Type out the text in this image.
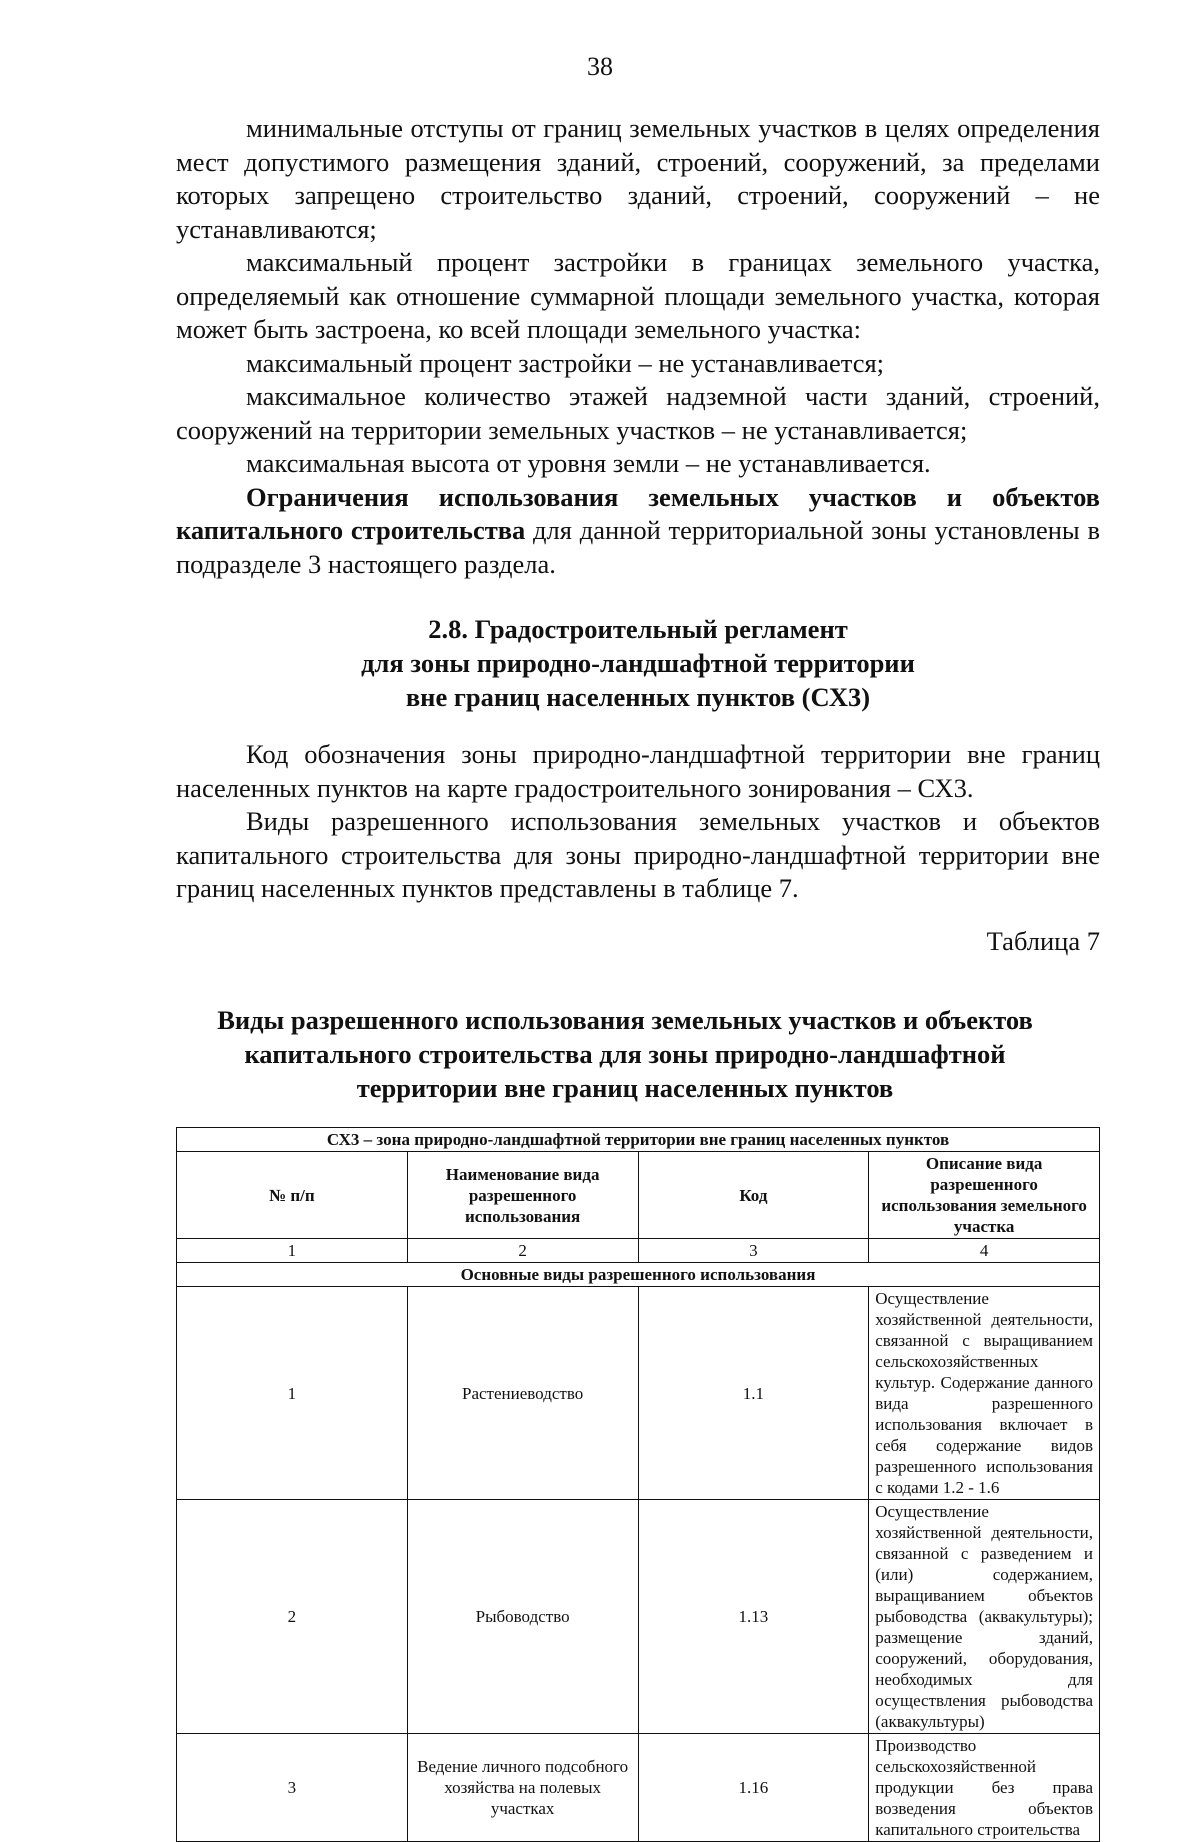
38

минимальные отступы от границ земельных участков в целях определения мест допустимого размещения зданий, строений, сооружений, за пределами которых запрещено строительство зданий, строений, сооружений – не устанавливаются;

максимальный процент застройки в границах земельного участка, определяемый как отношение суммарной площади земельного участка, которая может быть застроена, ко всей площади земельного участка:

максимальный процент застройки – не устанавливается;

максимальное количество этажей надземной части зданий, строений, сооружений на территории земельных участков – не устанавливается;

максимальная высота от уровня земли – не устанавливается.

Ограничения использования земельных участков и объектов капитального строительства для данной территориальной зоны установлены в подразделе 3 настоящего раздела.

2.8. Градостроительный регламент
для зоны природно-ландшафтной территории
вне границ населенных пунктов (СХ3)

Код обозначения зоны природно-ландшафтной территории вне границ населенных пунктов на карте градостроительного зонирования – СХ3.

Виды разрешенного использования земельных участков и объектов капитального строительства для зоны природно-ландшафтной территории вне границ населенных пунктов представлены в таблице 7.

Таблица 7
Виды разрешенного использования земельных участков и объектов
капитального строительства для зоны природно-ландшафтной
территории вне границ населенных пунктов
СХ3 – зона природно-ландшафтной территории вне границ населенных пунктов			
№ п/п	Наименование вида разрешенного использования	Код	Описание вида разрешенного использования земельного участка
1	2	3	4
Основные виды разрешенного использования			
1	Растениеводство	1.1	Осуществление хозяйственной деятельности, связанной с выращиванием сельскохозяйственных культур. Содержание данного вида разрешенного использования включает в себя содержание видов разрешенного использования с кодами 1.2 - 1.6
2	Рыбоводство	1.13	Осуществление хозяйственной деятельности, связанной с разведением и (или) содержанием, выращиванием объектов рыбоводства (аквакультуры); размещение зданий, сооружений, оборудования, необходимых для осуществления рыбоводства (аквакультуры)
3	Ведение личного подсобного хозяйства на полевых участках	1.16	Производство сельскохозяйственной продукции без права возведения объектов капитального строительства
